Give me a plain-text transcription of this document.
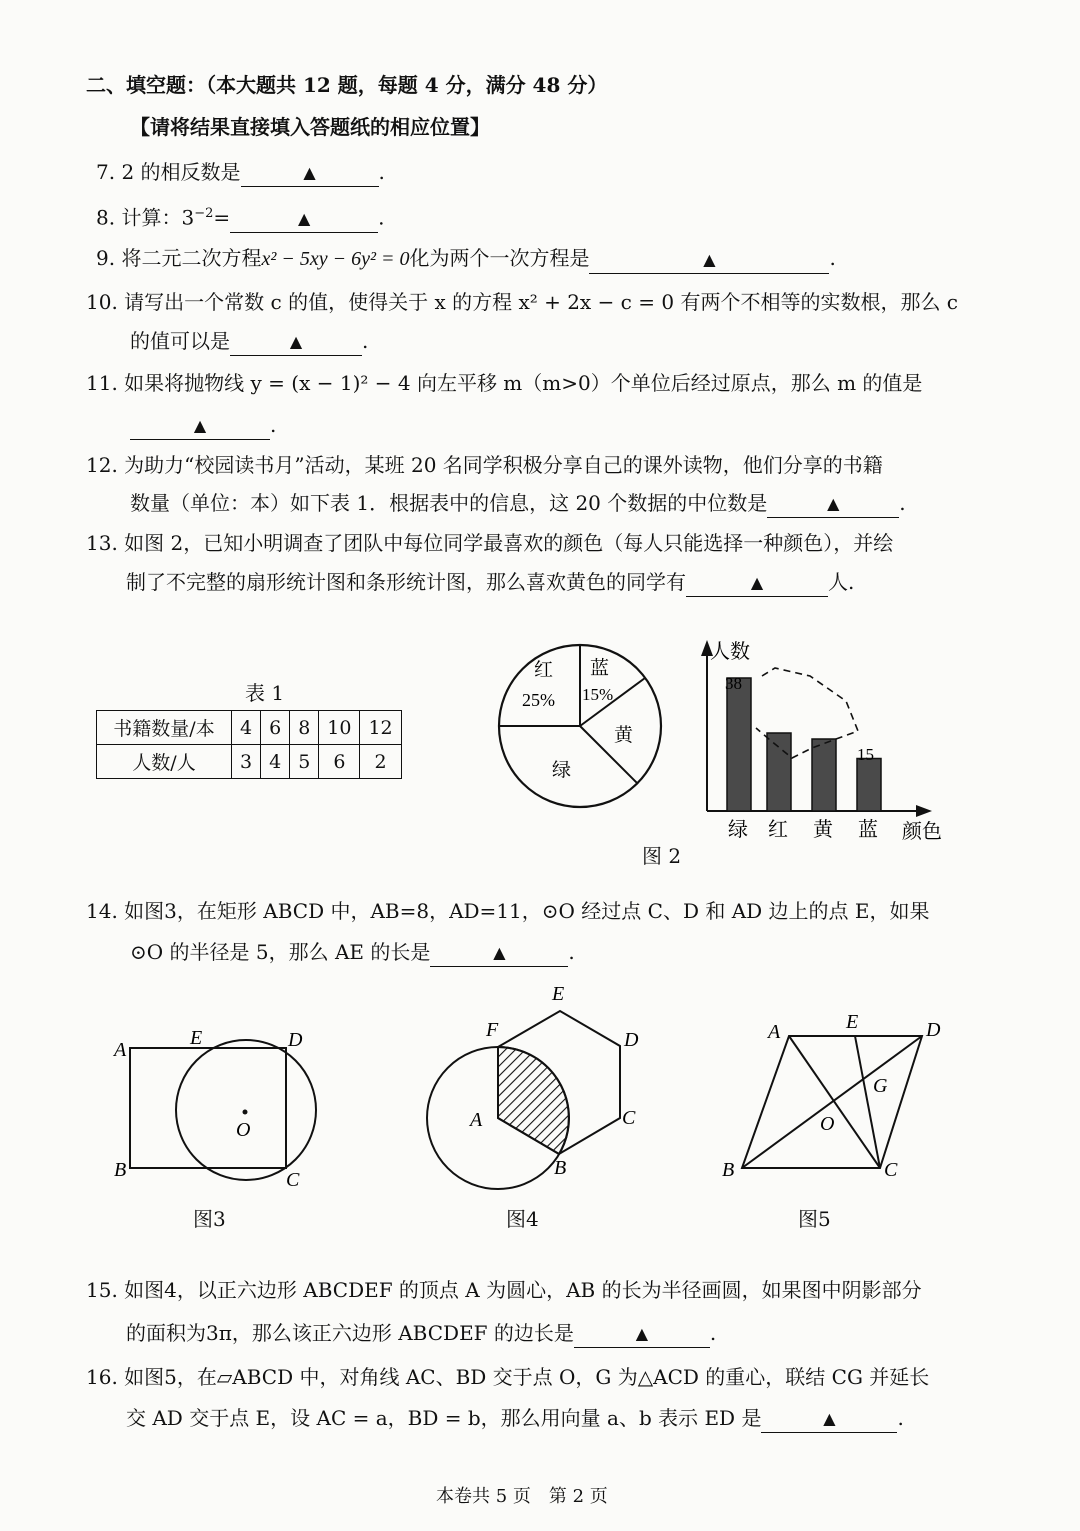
二、填空题：（本大题共 12 题，每题 4 分，满分 48 分）
【请将结果直接填入答题纸的相应位置】
7. 2 的相反数是	▲	.
8. 计算：$3^{-2}=$	▲	.
9. 将二元二次方程x² − 5xy − 6y² = 0化为两个一次方程是	▲	.
10. 请写出一个常数 c 的值，使得关于 x 的方程 x² + 2x − c = 0 有两个不相等的实数根，那么 c
的值可以是	▲	.
11. 如果将抛物线 y = (x − 1)² − 4 向左平移 m（m>0）个单位后经过原点，那么 m 的值是
▲	.
12. 为助力“校园读书月”活动，某班 20 名同学积极分享自己的课外读物，他们分享的书籍
数量（单位：本）如下表 1．根据表中的信息，这 20 个数据的中位数是	▲	.
13. 如图 2，已知小明调查了团队中每位同学最喜欢的颜色（每人只能选择一种颜色），并绘
制了不完整的扇形统计图和条形统计图，那么喜欢黄色的同学有	▲	人.
表 1
书籍数量/本	4	6	8	10	12
人数/人	3	4	5	6	2
红
25%
蓝
15%
黄
绿
人数
颜色
绿 红 黄 蓝
38
15
图 2
14. 如图3，在矩形 ABCD 中，AB=8，AD=11，⊙O 经过点 C、D 和 AD 边上的点 E，如果
⊙O 的半径是 5，那么 AE 的长是	▲	.
A
B	C
D
E
O
图3
A
B
C
D
E
F
图4
A
B	C
D
E
G
O
图5
15. 如图4，以正六边形 ABCDEF 的顶点 A 为圆心，AB 的长为半径画圆，如果图中阴影部分
的面积为3π，那么该正六边形 ABCDEF 的边长是	▲	.
16. 如图5，在▱ABCD 中，对角线 AC、BD 交于点 O，G 为△ACD 的重心，联结 CG 并延长
交 AD 交于点 E，设 AC = a，BD = b，那么用向量 a、b 表示 ED 是	▲	.
本卷共 5 页　第 2 页
